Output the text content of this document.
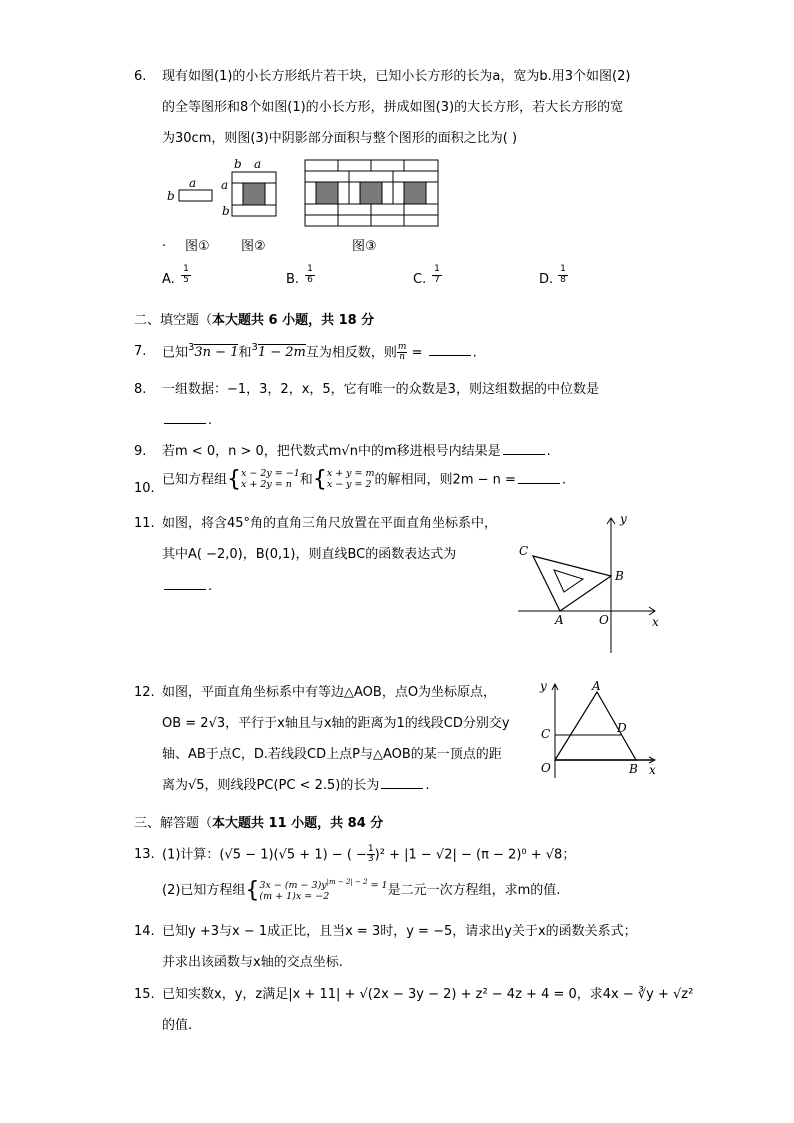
6. 现有如图(1)的小长方形纸片若干块，已知小长方形的长为a，宽为b.用3个如图(2)
的全等图形和8个如图(1)的小长方形，拼成如图(3)的大长方形，若大长方形的宽
为30cm，则图(3)中阴影部分面积与整个图形的面积之比为( )
a
b
b a
a
b
. 图① 图②	图③
A.
1
5	B.
1
6	C.
1
7	D.
1
8
二、填空题（本大题共 6 小题，共 18 分
7. 已知$^3$3n − 1和$^3$1 − 2m互为相反数，则 $\frac{m}{n}$ =	.
8. 一组数据：−1，3，2，x，5，它有唯一的众数是3，则这组数据的中位数是
.
9. 若m < 0，n > 0，把代数式m√n中的m移进根号内结果是	.
10.
已知方程组{ x − 2y = −1
x + 2y = n 和{ x + y = m
x − y = 2 的解相同，则2m − n =	.
11. 如图，将含45°角的直角三角尺放置在平面直角坐标系中，
其中A( −2,0)，B(0,1)，则直线BC的函数表达式为
.
y
x
C
B
A	O
12. 如图，平面直角坐标系中有等边△AOB，点O为坐标原点，
OB = 2√3，平行于x轴且与x轴的距离为1的线段CD分别交y
轴、AB于点C，D.若线段CD上点P与△AOB的某一顶点的距
离为√5，则线段PC(PC < 2.5)的长为	.
y	A
C	D
O	B x
三、解答题（本大题共 11 小题，共 84 分
13. (1)计算：(√5 − 1)(√5 + 1) − ( − $\frac{1}{3} )^2 + |1 - √2| - (\pi - 2)^0 + √8$；
(2)已知方程组{ $3x - (m - 3)y^{|m - 2| - 2} = 1$
(m + 1)x = −2	是二元一次方程组，求m的值.
14. 已知y +3与x − 1成正比，且当x = 3时，y = −5，请求出y关于x的函数关系式；
并求出该函数与x轴的交点坐标.
15. 已知实数x，y，z满足|x + 11| + √(2x − 3y − 2) + z² − 4z + 4 = 0，求4x − ∛y + √z²
的值.
